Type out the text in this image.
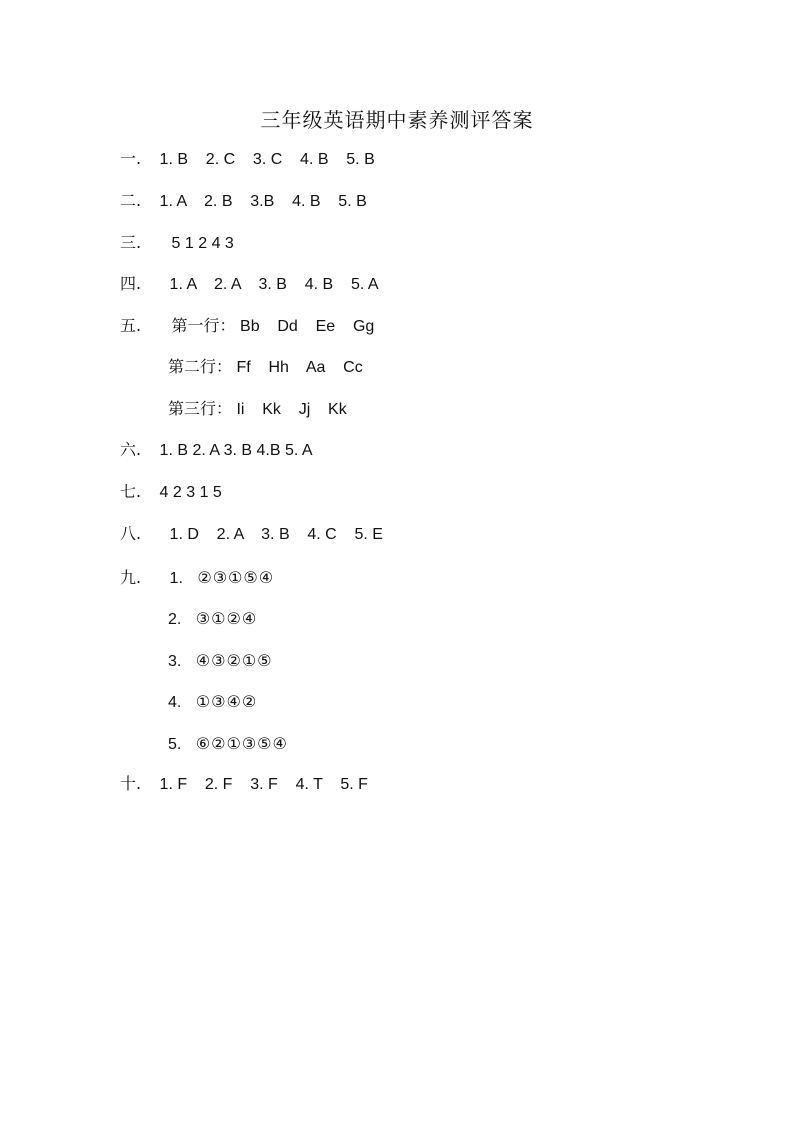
三年级英语期中素养测评答案
一. 1. B    2. C    3. C    4. B    5. B
二. 1. A    2. B    3.B    4. B    5. B
三. 5 1 2 4 3
四. 1. A    2. A    3. B    4. B    5. A
五. 第一行： Bb    Dd    Ee    Gg
第二行： Ff    Hh    Aa    Cc
第三行： Ii    Kk    Jj    Kk
六. 1. B 2. A 3. B 4.B 5. A
七. 4 2 3 1 5
八. 1. D    2. A    3. B    4. C    5. E
九. 1. ②③①⑤④
2. ③①②④
3. ④③②①⑤
4. ①③④②
5. ⑥②①③⑤④
十. 1. F    2. F    3. F    4. T    5. F
